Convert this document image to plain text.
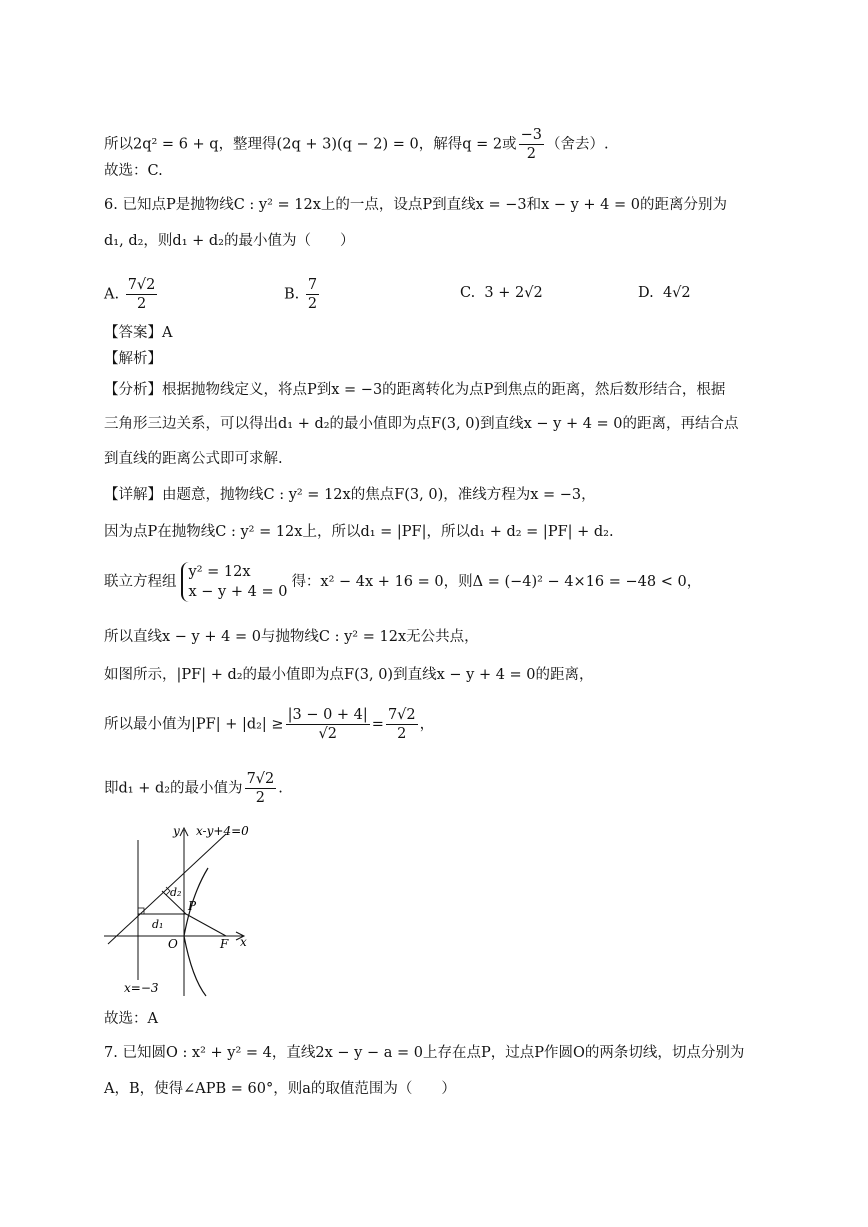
所以2q² = 6 + q，整理得(2q + 3)(q − 2) = 0，解得q = 2或 $\frac{-3}{2}$ （舍去）.
故选：C.
6. 已知点P是抛物线C : y² = 12x上的一点，设点P到直线x = −3和x − y + 4 = 0的距离分别为
d₁, d₂，则d₁ + d₂的最小值为（　　）
A. $\frac{7√2}{2}$	B. $\frac{7}{2}$	C. 3 + 2√2	D. 4√2
【答案】A
【解析】
【分析】根据抛物线定义，将点P到x = −3的距离转化为点P到焦点的距离，然后数形结合，根据
三角形三边关系，可以得出d₁ + d₂的最小值即为点F(3, 0)到直线x − y + 4 = 0的距离，再结合点
到直线的距离公式即可求解.
【详解】由题意，抛物线C : y² = 12x的焦点F(3, 0)，准线方程为x = −3，
因为点P在抛物线C : y² = 12x上，所以d₁ = |PF|，所以d₁ + d₂ = |PF| + d₂.
联立方程组
y² = 12x
x − y + 4 = 0
得：x² − 4x + 16 = 0，则Δ = (−4)² − 4×16 = −48 < 0，
所以直线x − y + 4 = 0与抛物线C : y² = 12x无公共点，
如图所示，|PF| + d₂的最小值即为点F(3, 0)到直线x − y + 4 = 0的距离，
所以最小值为$|PF| + |d_2| \ge \frac{|3 - 0 + 4|}{√2} = \frac{7√2}{2}$ ，
即d₁ + d₂的最小值为 $\frac{7√2}{2}$ .
y x-y+4=0
x
O	F
P
d₁
d₂
x=−3
故选：A
7. 已知圆O : x² + y² = 4，直线2x − y − a = 0上存在点P，过点P作圆O的两条切线，切点分别为
A，B，使得∠APB = 60°，则a的取值范围为（　　）
